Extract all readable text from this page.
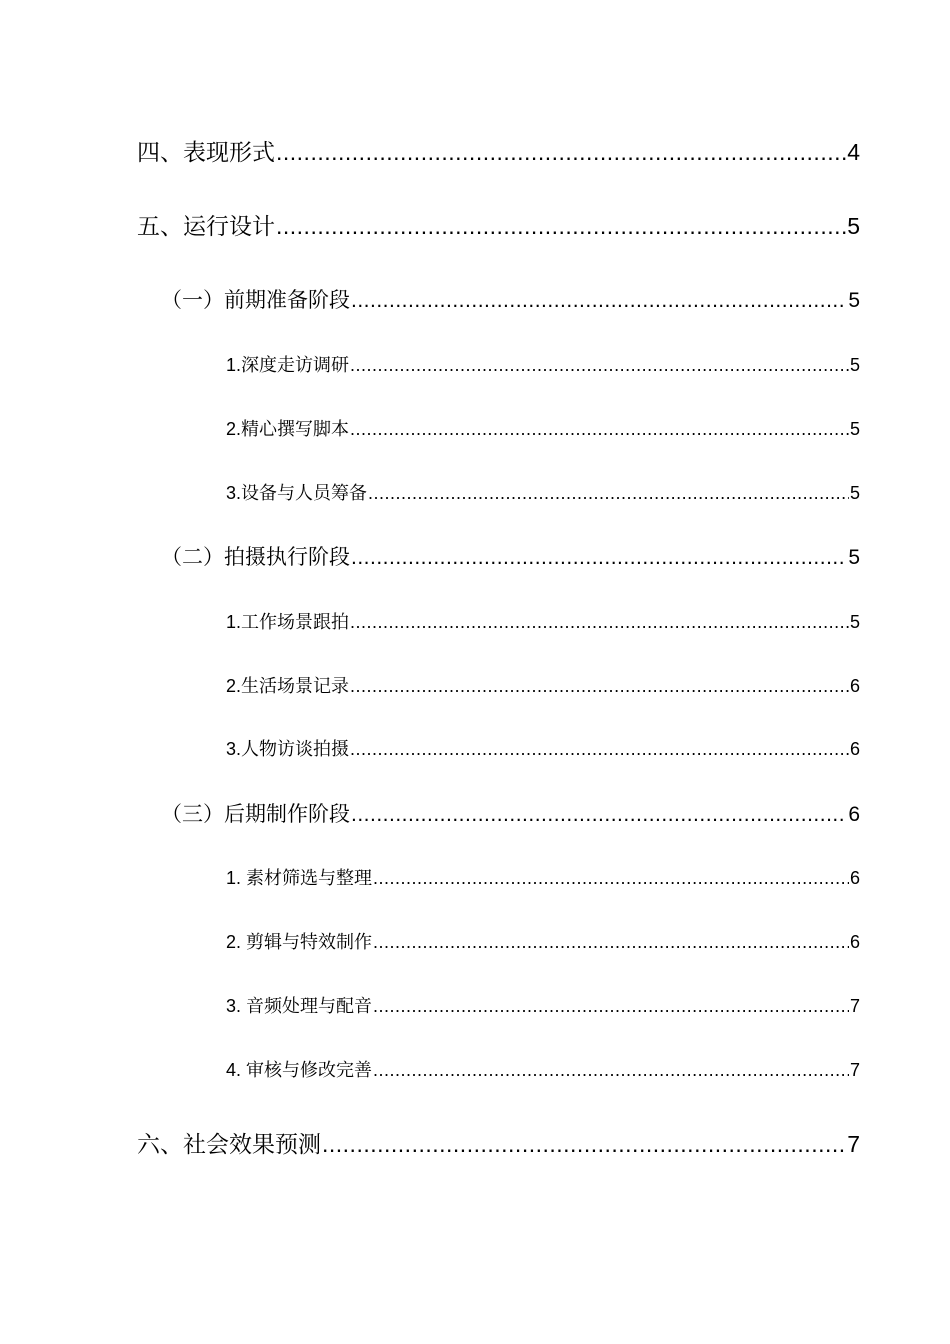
四、表现形式 .....	4
五、运行设计 .....	5
（一）前期准备阶段 .....	5
1.深度走访调研 .....	5
2.精心撰写脚本 .....	5
3.设备与人员筹备 .....	5
（二）拍摄执行阶段 .....	5
1.工作场景跟拍 .....	5
2.生活场景记录 .....	6
3.人物访谈拍摄 .....	6
（三）后期制作阶段 .....	6
1. 素材筛选与整理 .....	6
2. 剪辑与特效制作 .....	6
3. 音频处理与配音 .....	7
4. 审核与修改完善 .....	7
六、社会效果预测 .....	7
